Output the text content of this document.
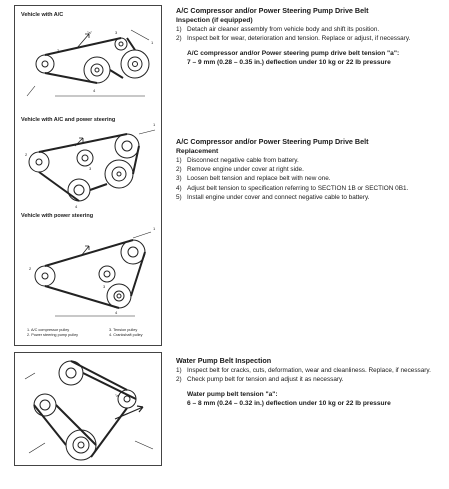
Vehicle with A/C
Vehicle with A/C and power steering
Vehicle with power steering
2
1
3
4
2
1
3
4
2
1
3
4
"a"
1. A/C compressor pulley
2. Power steering pump pulley
3. Tension pulley
4. Crankshaft pulley
"a"
A/C Compressor and/or Power Steering Pump Drive Belt
Inspection (if equipped)
1) Detach air cleaner assembly from vehicle body and shift its position.
2) Inspect belt for wear, deterioration and tension. Replace or adjust, if necessary.
A/C compressor and/or Power steering pump drive belt tension "a":
7 – 9 mm (0.28 – 0.35 in.) deflection under 10 kg or 22 lb pressure
A/C Compressor and/or Power Steering Pump Drive Belt
Replacement
1) Disconnect negative cable from battery.
2) Remove engine under cover at right side.
3) Loosen belt tension and replace belt with new one.
4) Adjust belt tension to specification referring to SECTION 1B or SECTION 0B1.
5) Install engine under cover and connect negative cable to battery.
Water Pump Belt Inspection
1) Inspect belt for cracks, cuts, deformation, wear and cleanliness. Replace, if necessary.
2) Check pump belt for tension and adjust it as necessary.
Water pump belt tension "a":
6 – 8 mm (0.24 – 0.32 in.) deflection under 10 kg or 22 lb pressure
